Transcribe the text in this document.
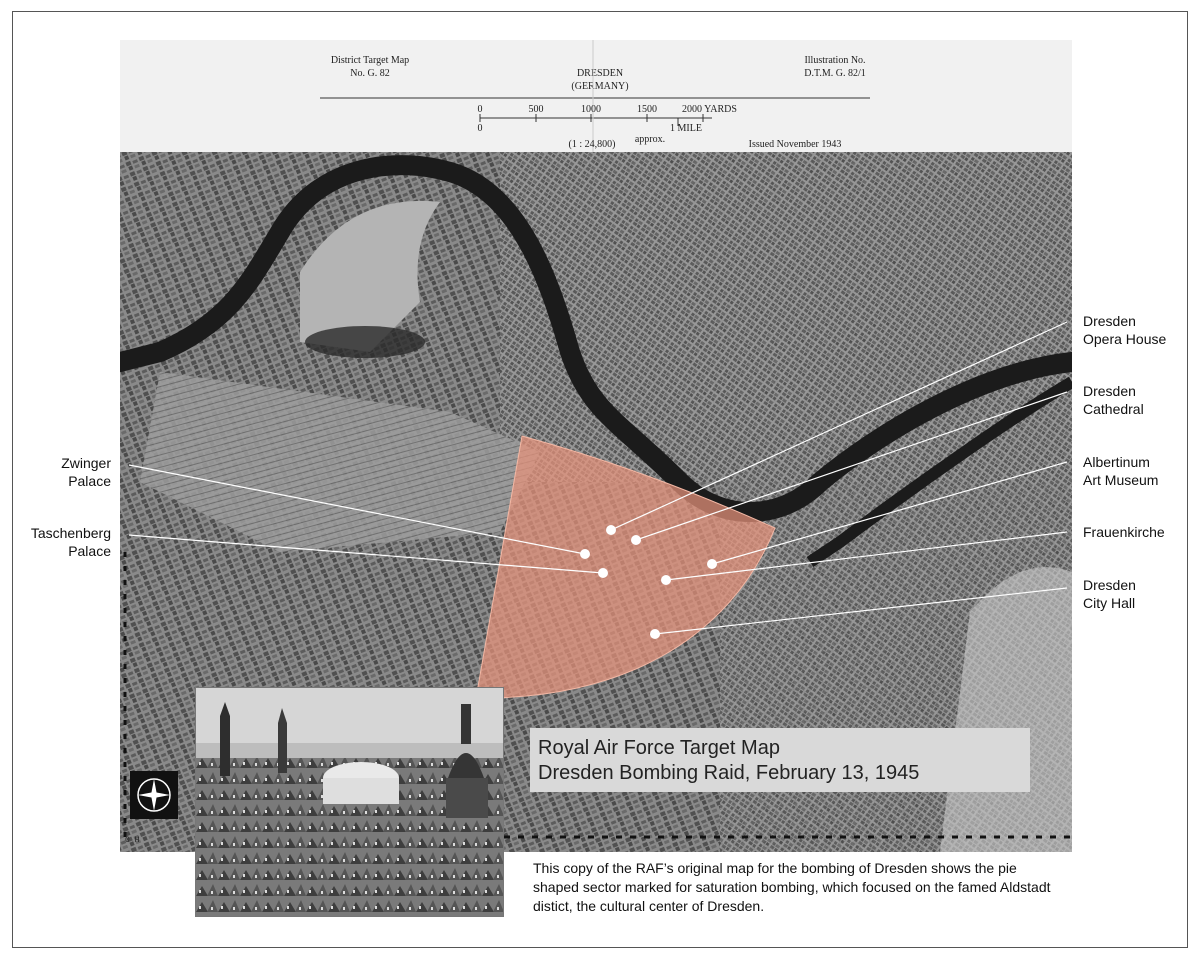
District Target Map
No. G. 82	DRESDEN
(GERMANY)
Illustration No.
D.T.M. G. 82/1
0	500	1000	1500	2000 YARDS
0	1 MILE
(1 : 24,800)	approx.	Issued November 1943
Dresden
Opera House
Dresden
Cathedral
Albertinum
Art Museum
Frauenkirche
Dresden
City Hall
Zwinger
Palace
Taschenberg
Palace
0 H
Royal Air Force Target Map
Dresden Bombing Raid, February 13, 1945
This copy of the RAF’s original map for the bombing of Dresden shows the pie shaped sector marked for saturation bombing, which focused on the famed Aldstadt distict, the cultural center of Dresden.
